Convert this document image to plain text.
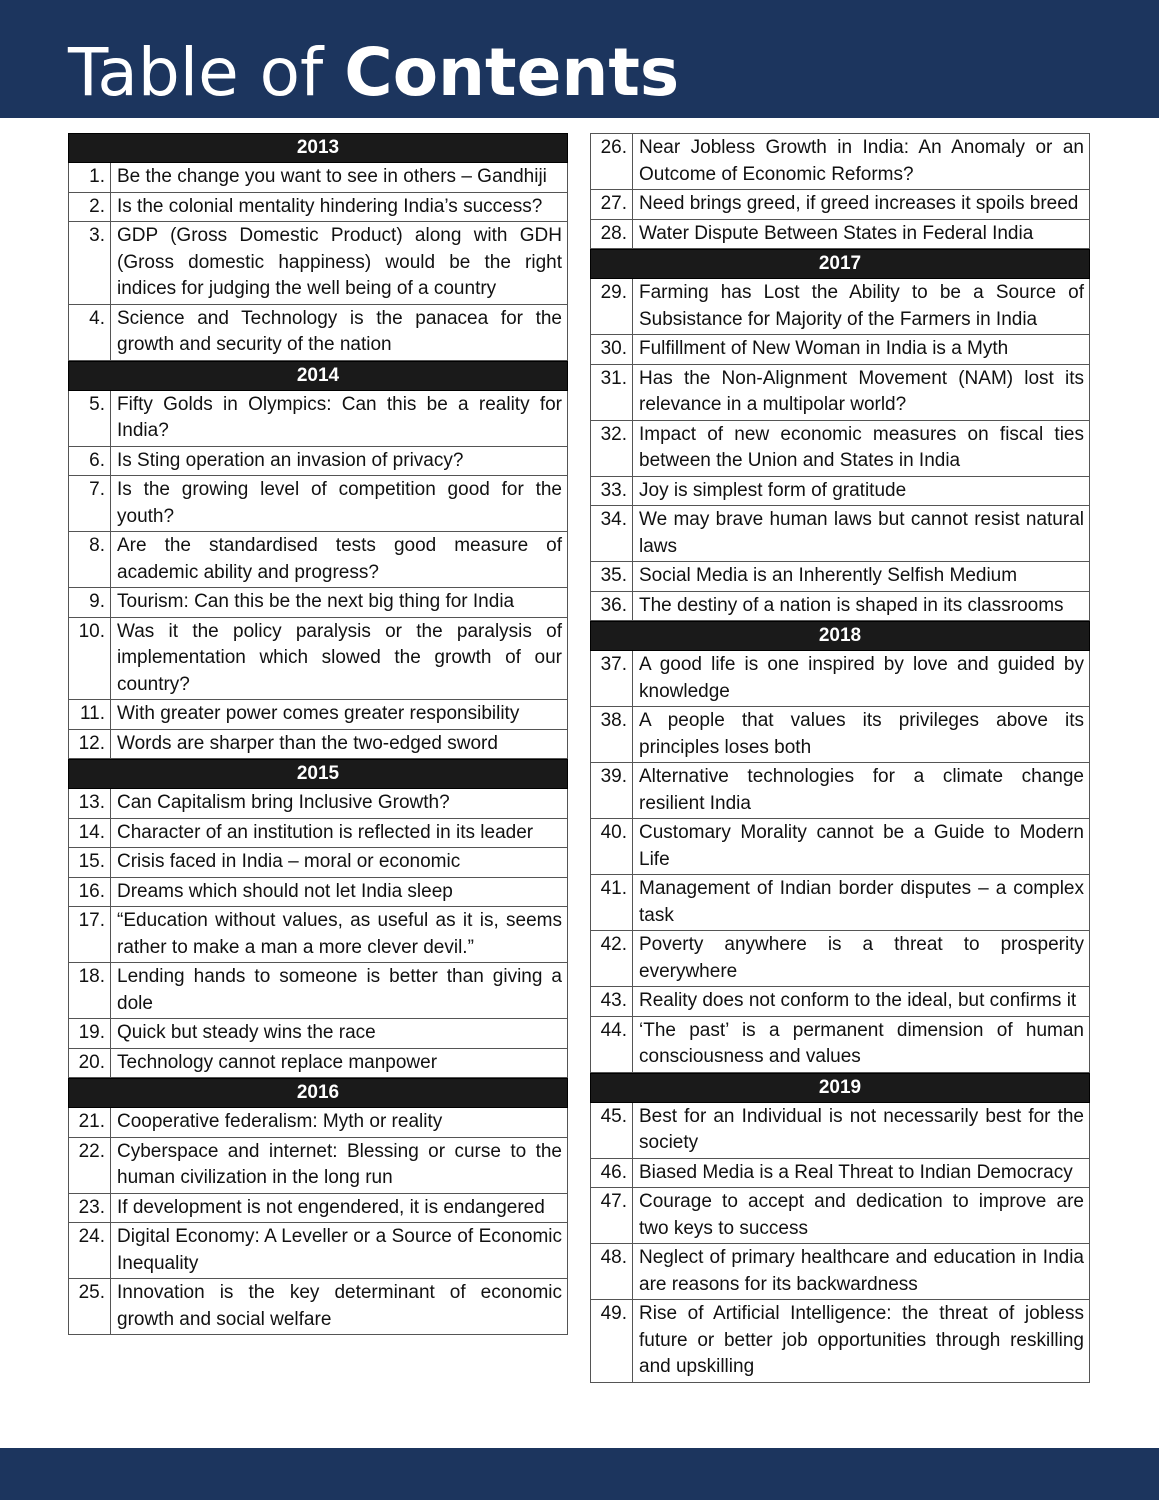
Table of Contents
2013
1. Be the change you want to see in others – Gandhiji
2. Is the colonial mentality hindering India’s success?
3. GDP (Gross Domestic Product) along with GDH (Gross domestic happiness) would be the right indices for judging the well being of a country
4. Science and Technology is the panacea for the growth and security of the nation
2014
5. Fifty Golds in Olympics: Can this be a reality for India?
6. Is Sting operation an invasion of privacy?
7. Is the growing level of competition good for the youth?
8. Are the standardised tests good measure of academic ability and progress?
9. Tourism: Can this be the next big thing for India
10. Was it the policy paralysis or the paralysis of implementation which slowed the growth of our country?
11. With greater power comes greater responsibility
12. Words are sharper than the two-edged sword
2015
13. Can Capitalism bring Inclusive Growth?
14. Character of an institution is reflected in its leader
15. Crisis faced in India – moral or economic
16. Dreams which should not let India sleep
17. “Education without values, as useful as it is, seems rather to make a man a more clever devil.”
18. Lending hands to someone is better than giving a dole
19. Quick but steady wins the race
20. Technology cannot replace manpower
2016
21. Cooperative federalism: Myth or reality
22. Cyberspace and internet: Blessing or curse to the human civilization in the long run
23. If development is not engendered, it is endangered
24. Digital Economy: A Leveller or a Source of Economic Inequality
25. Innovation is the key determinant of economic growth and social welfare
26. Near Jobless Growth in India: An Anomaly or an Outcome of Economic Reforms?
27. Need brings greed, if greed increases it spoils breed
28. Water Dispute Between States in Federal India
2017
29. Farming has Lost the Ability to be a Source of Subsistance for Majority of the Farmers in India
30. Fulfillment of New Woman in India is a Myth
31. Has the Non-Alignment Movement (NAM) lost its relevance in a multipolar world?
32. Impact of new economic measures on fiscal ties between the Union and States in India
33. Joy is simplest form of gratitude
34. We may brave human laws but cannot resist natural laws
35. Social Media is an Inherently Selfish Medium
36. The destiny of a nation is shaped in its classrooms
2018
37. A good life is one inspired by love and guided by knowledge
38. A people that values its privileges above its principles loses both
39. Alternative technologies for a climate change resilient India
40. Customary Morality cannot be a Guide to Modern Life
41. Management of Indian border disputes – a complex task
42. Poverty anywhere is a threat to prosperity everywhere
43. Reality does not conform to the ideal, but confirms it
44. ‘The past’ is a permanent dimension of human consciousness and values
2019
45. Best for an Individual is not necessarily best for the society
46. Biased Media is a Real Threat to Indian Democracy
47. Courage to accept and dedication to improve are two keys to success
48. Neglect of primary healthcare and education in India are reasons for its backwardness
49. Rise of Artificial Intelligence: the threat of jobless future or better job opportunities through reskilling and upskilling
